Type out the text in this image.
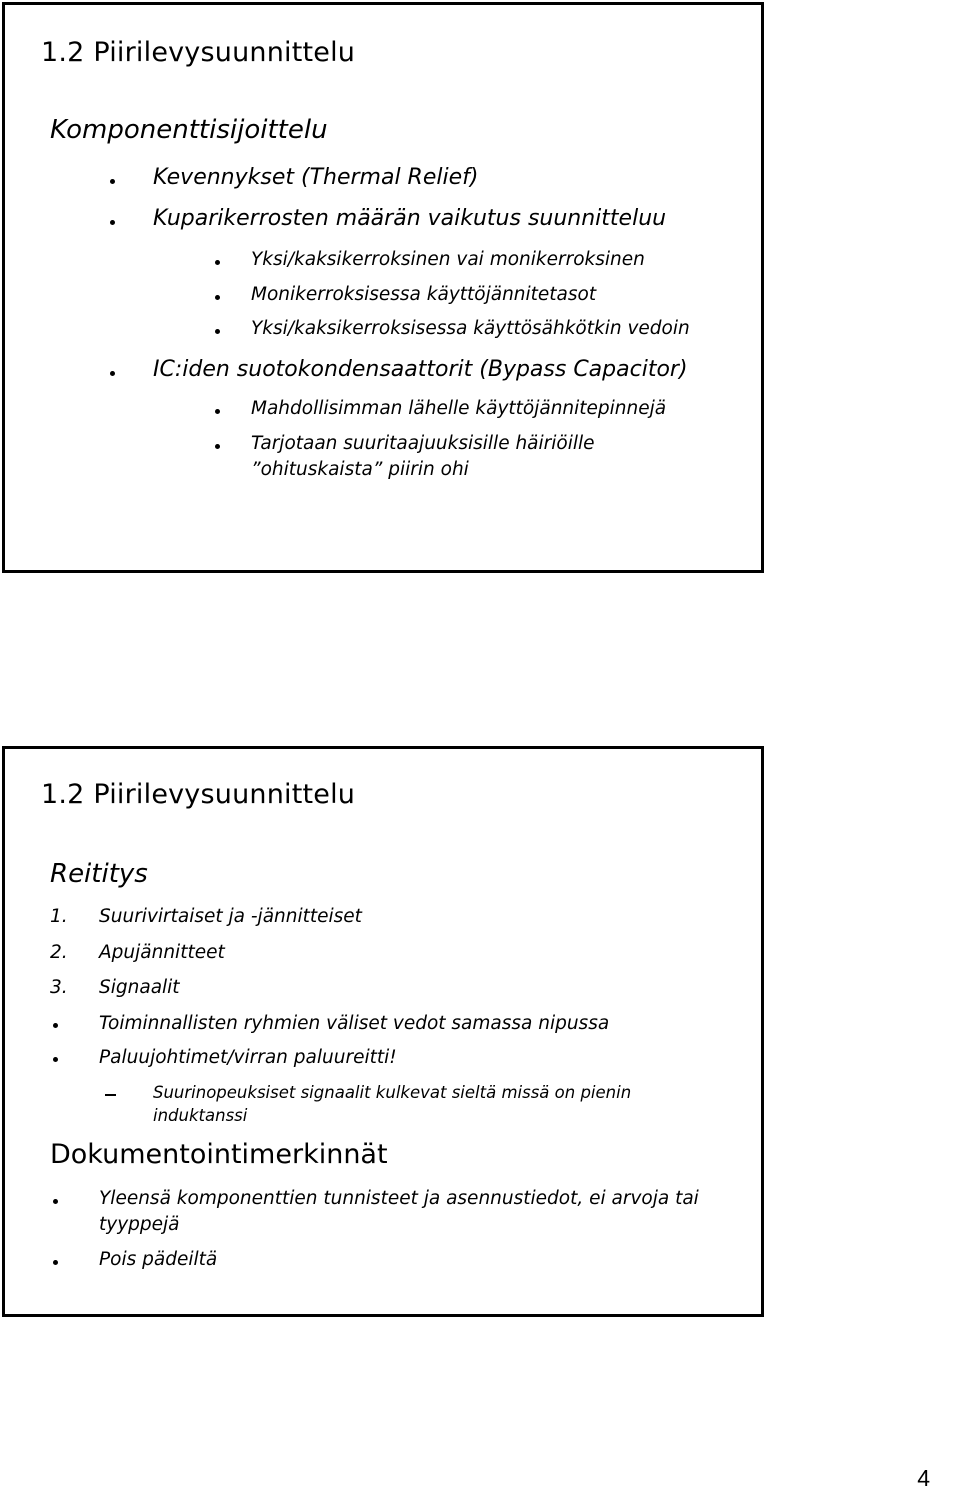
1.2 Piirilevysuunnittelu
Komponenttisijoittelu
Kevennykset (Thermal Relief)
Kuparikerrosten määrän vaikutus suunnitteluu
Yksi/kaksikerroksinen vai monikerroksinen
Monikerroksisessa käyttöjännitetasot
Yksi/kaksikerroksisessa käyttösähkötkin vedoin
IC:iden suotokondensaattorit (Bypass Capacitor)
Mahdollisimman lähelle käyttöjännitepinnejä
Tarjotaan suuritaajuuksisille häiriöille
”ohituskaista” piirin ohi
1.2 Piirilevysuunnittelu
Reititys
1. Suurivirtaiset ja -jännitteiset
2. Apujännitteet
3. Signaalit
Toiminnallisten ryhmien väliset vedot samassa nipussa
Paluujohtimet/virran paluureitti!
Suurinopeuksiset signaalit kulkevat sieltä missä on pienin
induktanssi
Dokumentointimerkinnät
Yleensä komponenttien tunnisteet ja asennustiedot, ei arvoja tai
tyyppejä
Pois pädeiltä
4
